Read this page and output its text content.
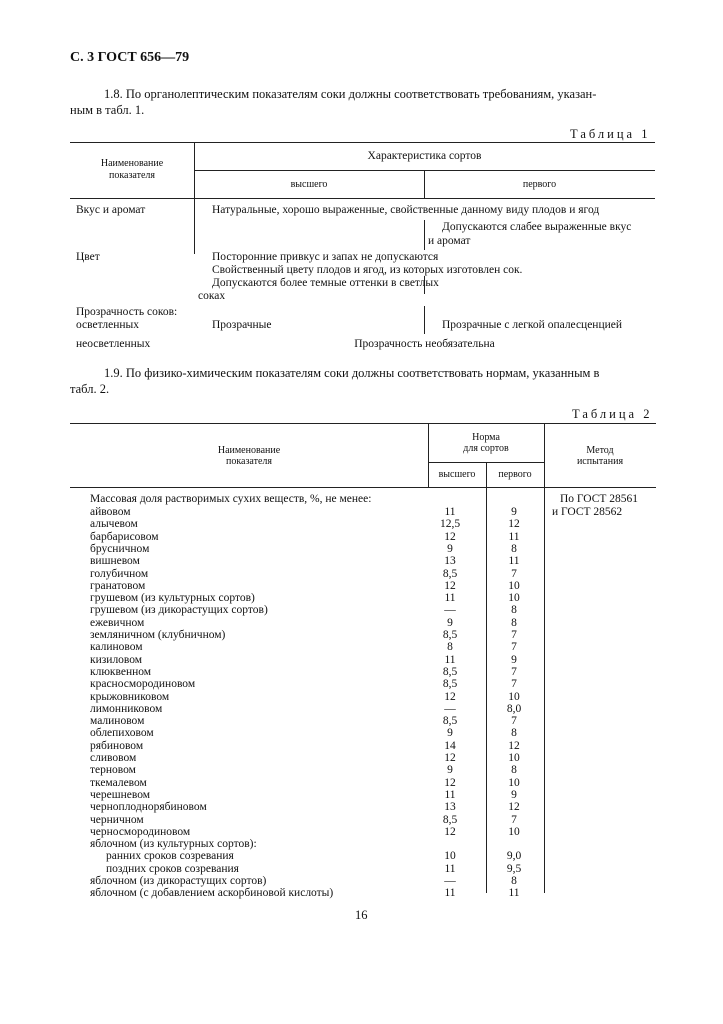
С. 3 ГОСТ 656—79
1.8. По органолептическим показателям соки должны соответствовать требованиям, указан-
ным в табл. 1.
Таблица 1
Наименование
показателя
Характеристика сортов
высшего	первого
Вкус и аромат	Натуральные, хорошо выраженные, свойственные данному виду плодов и ягод
Допускаются слабее выраженные вкус
и аромат
Цвет	Посторонние привкус и запах не допускаются
Свойственный цвету плодов и ягод, из которых изготовлен сок.
Допускаются более темные оттенки в светлых
соках
Прозрачность соков:
осветленных	Прозрачные	Прозрачные с легкой опалесценцией
неосветленных	Прозрачность необязательна
1.9. По физико-химическим показателям соки должны соответствовать нормам, указанным в
табл. 2.
Таблица 2
Наименование
показателя
Норма
для сортов
высшего	первого
Метод
испытания
Массовая доля растворимых сухих веществ, %, не менее:	По ГОСТ 28561
и ГОСТ 28562
айвовом	11	9
алычевом	12,5	12
барбарисовом	12	11
брусничном	9	8
вишневом	13	11
голубичном	8,5	7
гранатовом	12	10
грушевом (из культурных сортов)	11	10
грушевом (из дикорастущих сортов)	—	8
ежевичном	9	8
земляничном (клубничном)	8,5	7
калиновом	8	7
кизиловом	11	9
клюквенном	8,5	7
красносмородиновом	8,5	7
крыжовниковом	12	10
лимонниковом	—	8,0
малиновом	8,5	7
облепиховом	9	8
рябиновом	14	12
сливовом	12	10
терновом	9	8
ткемалевом	12	10
черешневом	11	9
черноплоднорябиновом	13	12
черничном	8,5	7
черносмородиновом	12	10
яблочном (из культурных сортов):
ранних сроков созревания	10	9,0
поздних сроков созревания	11	9,5
яблочном (из дикорастущих сортов)	—	8
яблочном (с добавлением аскорбиновой кислоты)	11	11
16
